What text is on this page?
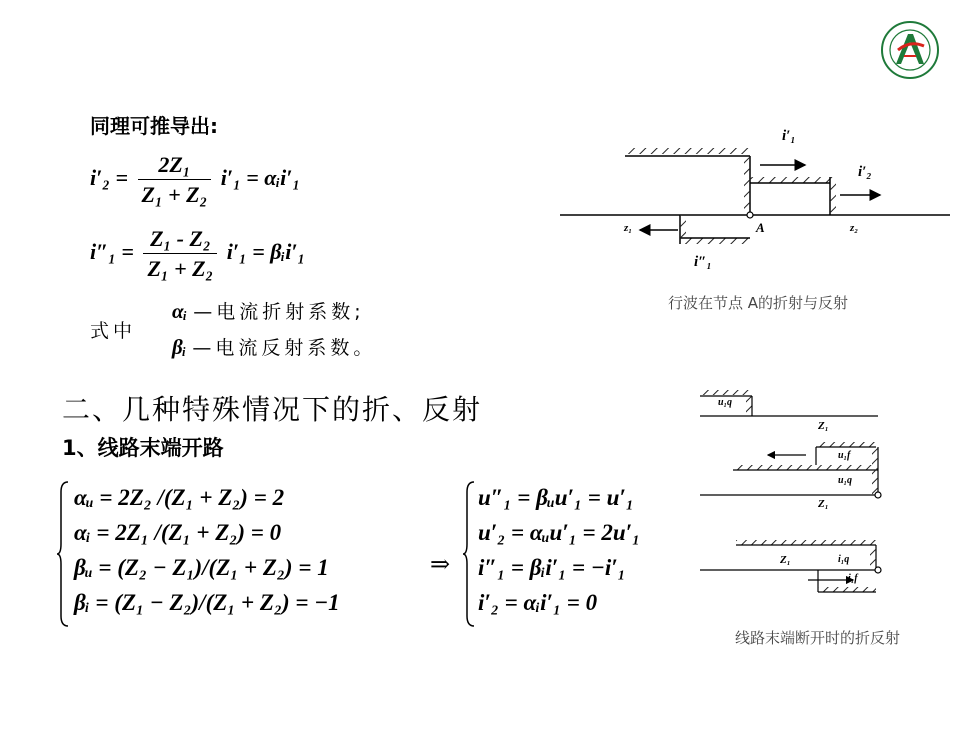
同理可推导出:
$i'_2 = \frac{\text{2Z₁}}{\text{Z₁ + Z₂}} i'_1$ = αᵢi′₁
$i''_1 = \frac{\text{Z₁ - Z₂}}{\text{Z₁ + Z₂}} i'_1$ = βᵢi′₁
式中
αᵢ —电流折射系数;
βᵢ —电流反射系数。
二、几种特殊情况下的折、反射
1、线路末端开路
αᵤ = 2Z₂ /(Z₁ + Z₂) = 2
αᵢ = 2Z₁ /(Z₁ + Z₂) = 0
βᵤ = (Z₂ − Z₁)/(Z₁ + Z₂) = 1
βᵢ = (Z₁ − Z₂)/(Z₁ + Z₂) = −1
⇒
u″₁ = βᵤu′₁ = u′₁
u′₂ = αᵤu′₁ = 2u′₁
i″₁ = βᵢi′₁ = −i′₁
i′₂ = αᵢi′₁ = 0
i′₁
i′₂
i″₁
A
z₁	z₂
行波在节点 A的折射与反射
u₁q
Z₁
u₁f
u₁q
Z₁
Z₁	i₁q
i₁f
线路末端断开时的折反射
